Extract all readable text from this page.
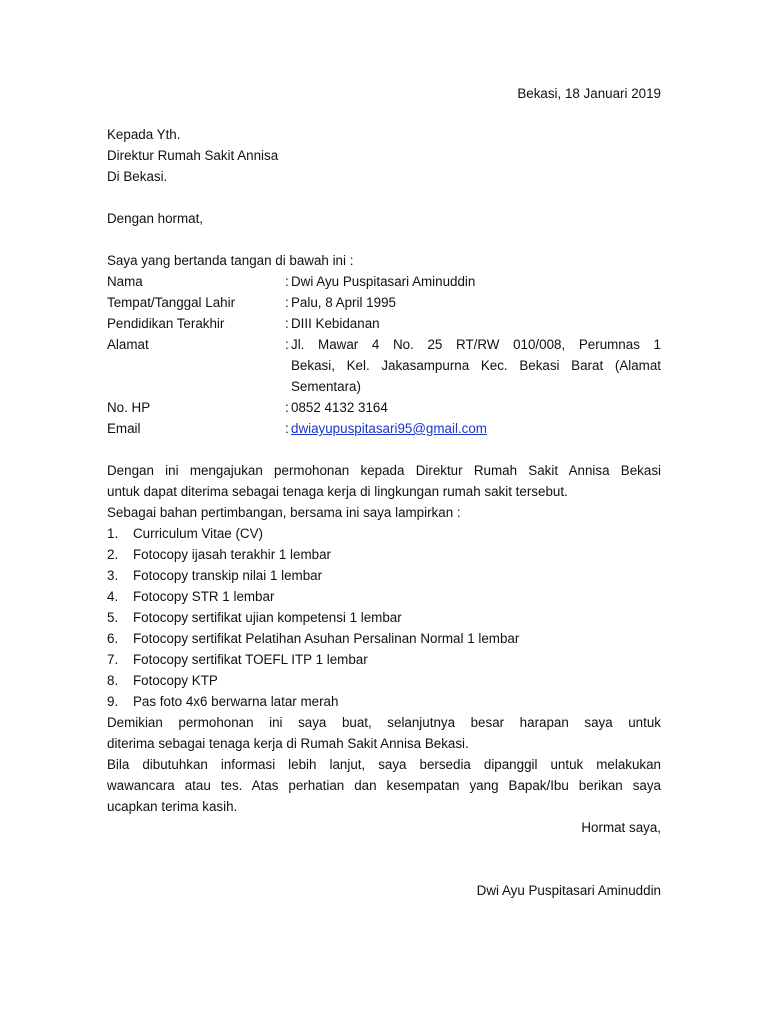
Bekasi, 18 Januari 2019
Kepada Yth.
Direktur Rumah Sakit Annisa
Di Bekasi.
Dengan hormat,
Saya yang bertanda tangan di bawah ini :
Nama	: Dwi Ayu Puspitasari Aminuddin
Tempat/Tanggal Lahir	: Palu, 8 April 1995
Pendidikan Terakhir	: DIII Kebidanan
Alamat	: Jl. Mawar 4 No. 25 RT/RW 010/008, Perumnas 1
Bekasi, Kel. Jakasampurna Kec. Bekasi Barat (Alamat
Sementara)
No. HP	: 0852 4132 3164
Email	: dwiayupuspitasari95@gmail.com
Dengan ini mengajukan permohonan kepada Direktur Rumah Sakit Annisa Bekasi
untuk dapat diterima sebagai tenaga kerja di lingkungan rumah sakit tersebut.
Sebagai bahan pertimbangan, bersama ini saya lampirkan :
1. Curriculum Vitae (CV)
2. Fotocopy ijasah terakhir 1 lembar
3. Fotocopy transkip nilai 1 lembar
4. Fotocopy STR 1 lembar
5. Fotocopy sertifikat ujian kompetensi 1 lembar
6. Fotocopy sertifikat Pelatihan Asuhan Persalinan Normal 1 lembar
7. Fotocopy sertifikat TOEFL ITP 1 lembar
8. Fotocopy KTP
9. Pas foto 4x6 berwarna latar merah
Demikian permohonan ini saya buat, selanjutnya besar harapan saya untuk
diterima sebagai tenaga kerja di Rumah Sakit Annisa Bekasi.
Bila dibutuhkan informasi lebih lanjut, saya bersedia dipanggil untuk melakukan
wawancara atau tes. Atas perhatian dan kesempatan yang Bapak/Ibu berikan saya
ucapkan terima kasih.
Hormat saya,
Dwi Ayu Puspitasari Aminuddin
